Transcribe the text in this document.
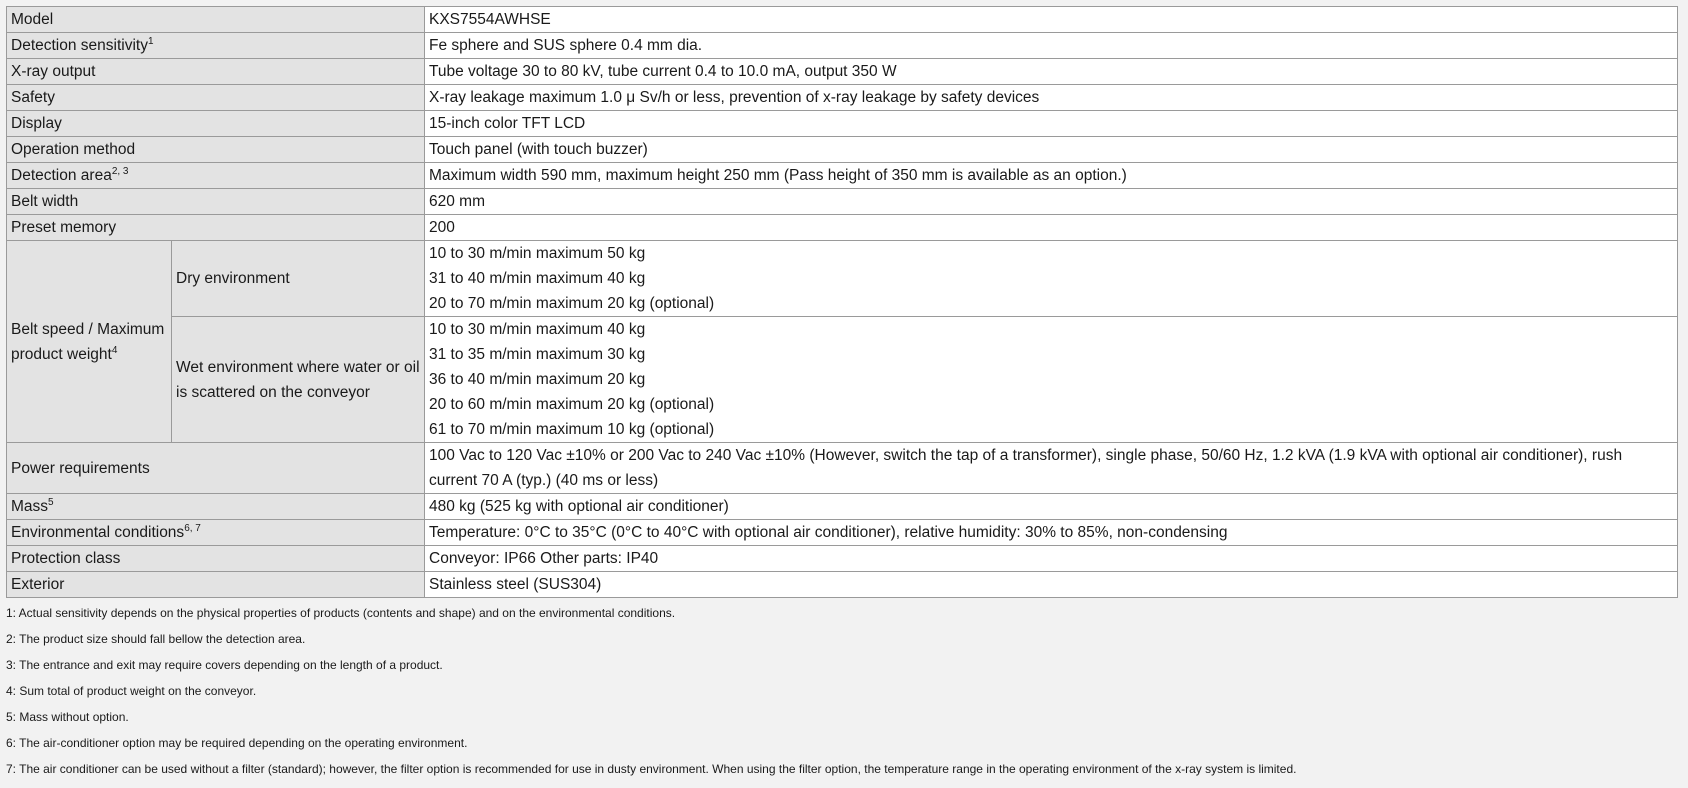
Model		KXS7554AWHSE
Detection sensitivity$^1$		Fe sphere and SUS sphere 0.4 mm dia.
X-ray output		Tube voltage 30 to 80 kV, tube current 0.4 to 10.0 mA, output 350 W
Safety		X-ray leakage maximum 1.0 μ Sv/h or less, prevention of x-ray leakage by safety devices
Display		15-inch color TFT LCD
Operation method		Touch panel (with touch buzzer)
Detection area$^{2, 3}$		Maximum width 590 mm, maximum height 250 mm (Pass height of 350 mm is available as an option.)
Belt width		620 mm
Preset memory		200
Belt speed / Maximum product weight$^4$	Dry environment	10 to 30 m/min maximum 50 kg
31 to 40 m/min maximum 40 kg
20 to 70 m/min maximum 20 kg (optional)

	Wet environment where water or oil is scattered on the conveyor	10 to 30 m/min maximum 40 kg
31 to 35 m/min maximum 30 kg
36 to 40 m/min maximum 20 kg
20 to 60 m/min maximum 20 kg (optional)
61 to 70 m/min maximum 10 kg (optional)

Power requirements		100 Vac to 120 Vac ±10% or 200 Vac to 240 Vac ±10% (However, switch the tap of a transformer), single phase, 50/60 Hz, 1.2 kVA (1.9 kVA with optional air conditioner), rush current 70 A (typ.) (40 ms or less)
Mass$^5$		480 kg (525 kg with optional air conditioner)
Environmental conditions$^{6, 7}$		Temperature: 0°C to 35°C (0°C to 40°C with optional air conditioner), relative humidity: 30% to 85%, non-condensing
Protection class		Conveyor: IP66 Other parts: IP40
Exterior		Stainless steel (SUS304)
1: Actual sensitivity depends on the physical properties of products (contents and shape) and on the environmental conditions.
2: The product size should fall bellow the detection area.
3: The entrance and exit may require covers depending on the length of a product.
4: Sum total of product weight on the conveyor.
5: Mass without option.
6: The air-conditioner option may be required depending on the operating environment.
7: The air conditioner can be used without a filter (standard); however, the filter option is recommended for use in dusty environment. When using the filter option, the temperature range in the operating environment of the x-ray system is limited.
